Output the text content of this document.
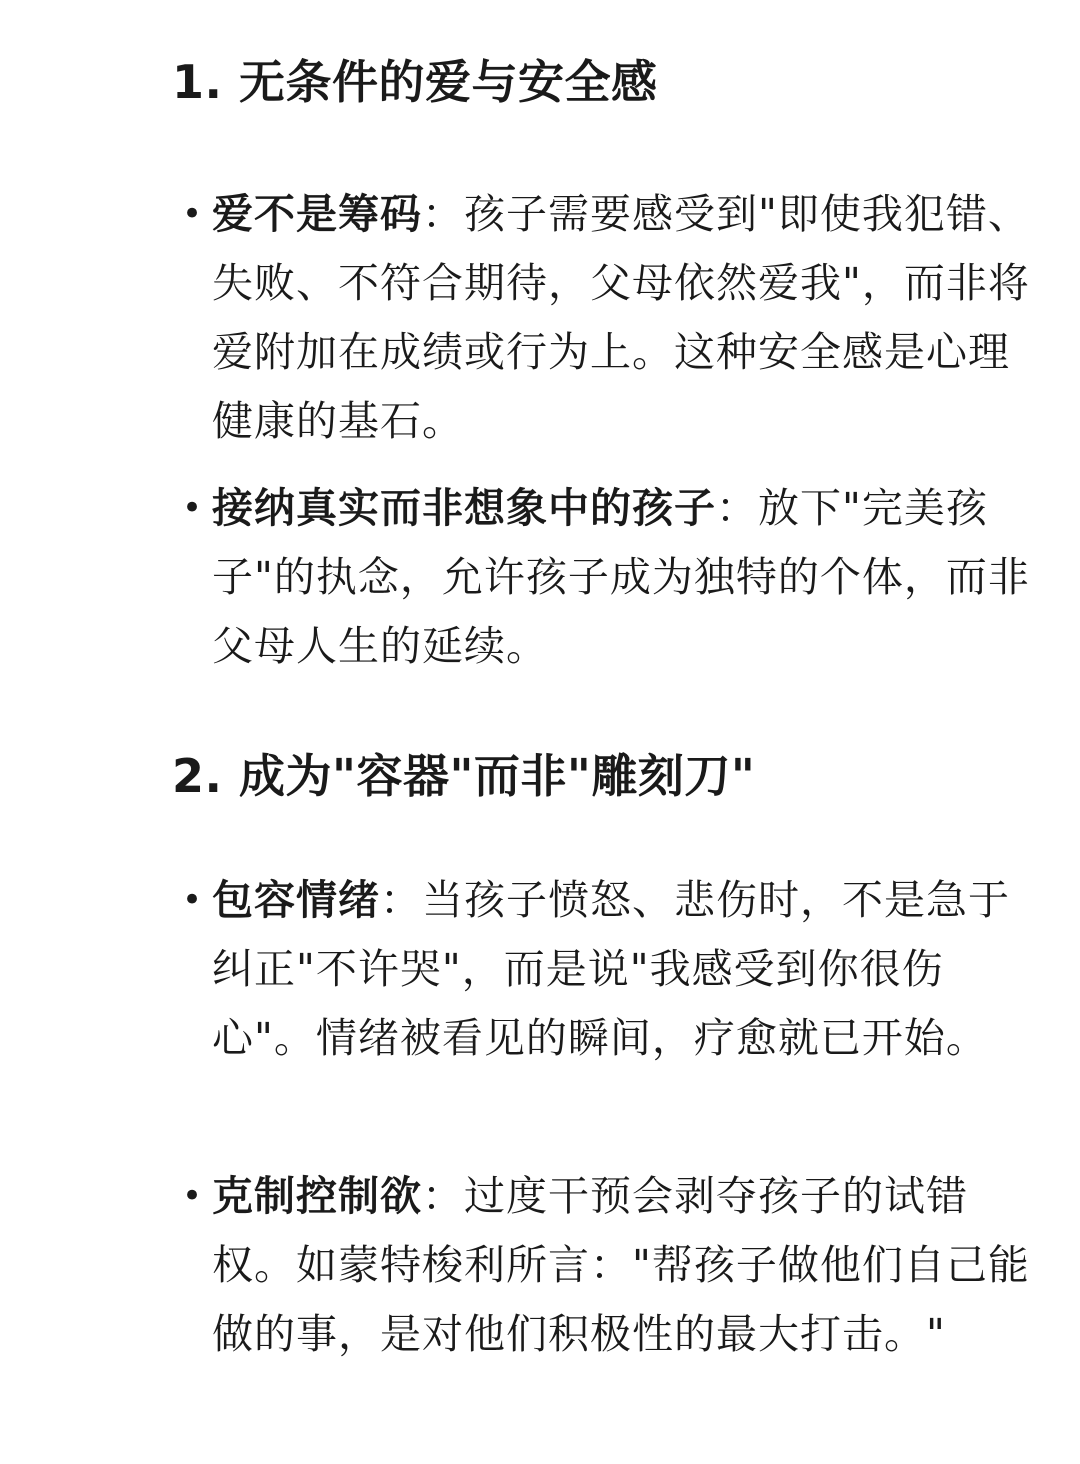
1. 无条件的爱与安全感
• 爱不是筹码：孩子需要感受到"即使我犯错、失败、不符合期待，父母依然爱我"，而非将爱附加在成绩或行为上。这种安全感是心理健康的基石。

• 接纳真实而非想象中的孩子：放下"完美孩子"的执念，允许孩子成为独特的个体，而非父母人生的延续。

2. 成为"容器"而非"雕刻刀"
• 包容情绪：当孩子愤怒、悲伤时，不是急于纠正"不许哭"，而是说"我感受到你很伤心"。情绪被看见的瞬间，疗愈就已开始。

• 克制控制欲：过度干预会剥夺孩子的试错权。如蒙特梭利所言："帮孩子做他们自己能做的事，是对他们积极性的最大打击。"
